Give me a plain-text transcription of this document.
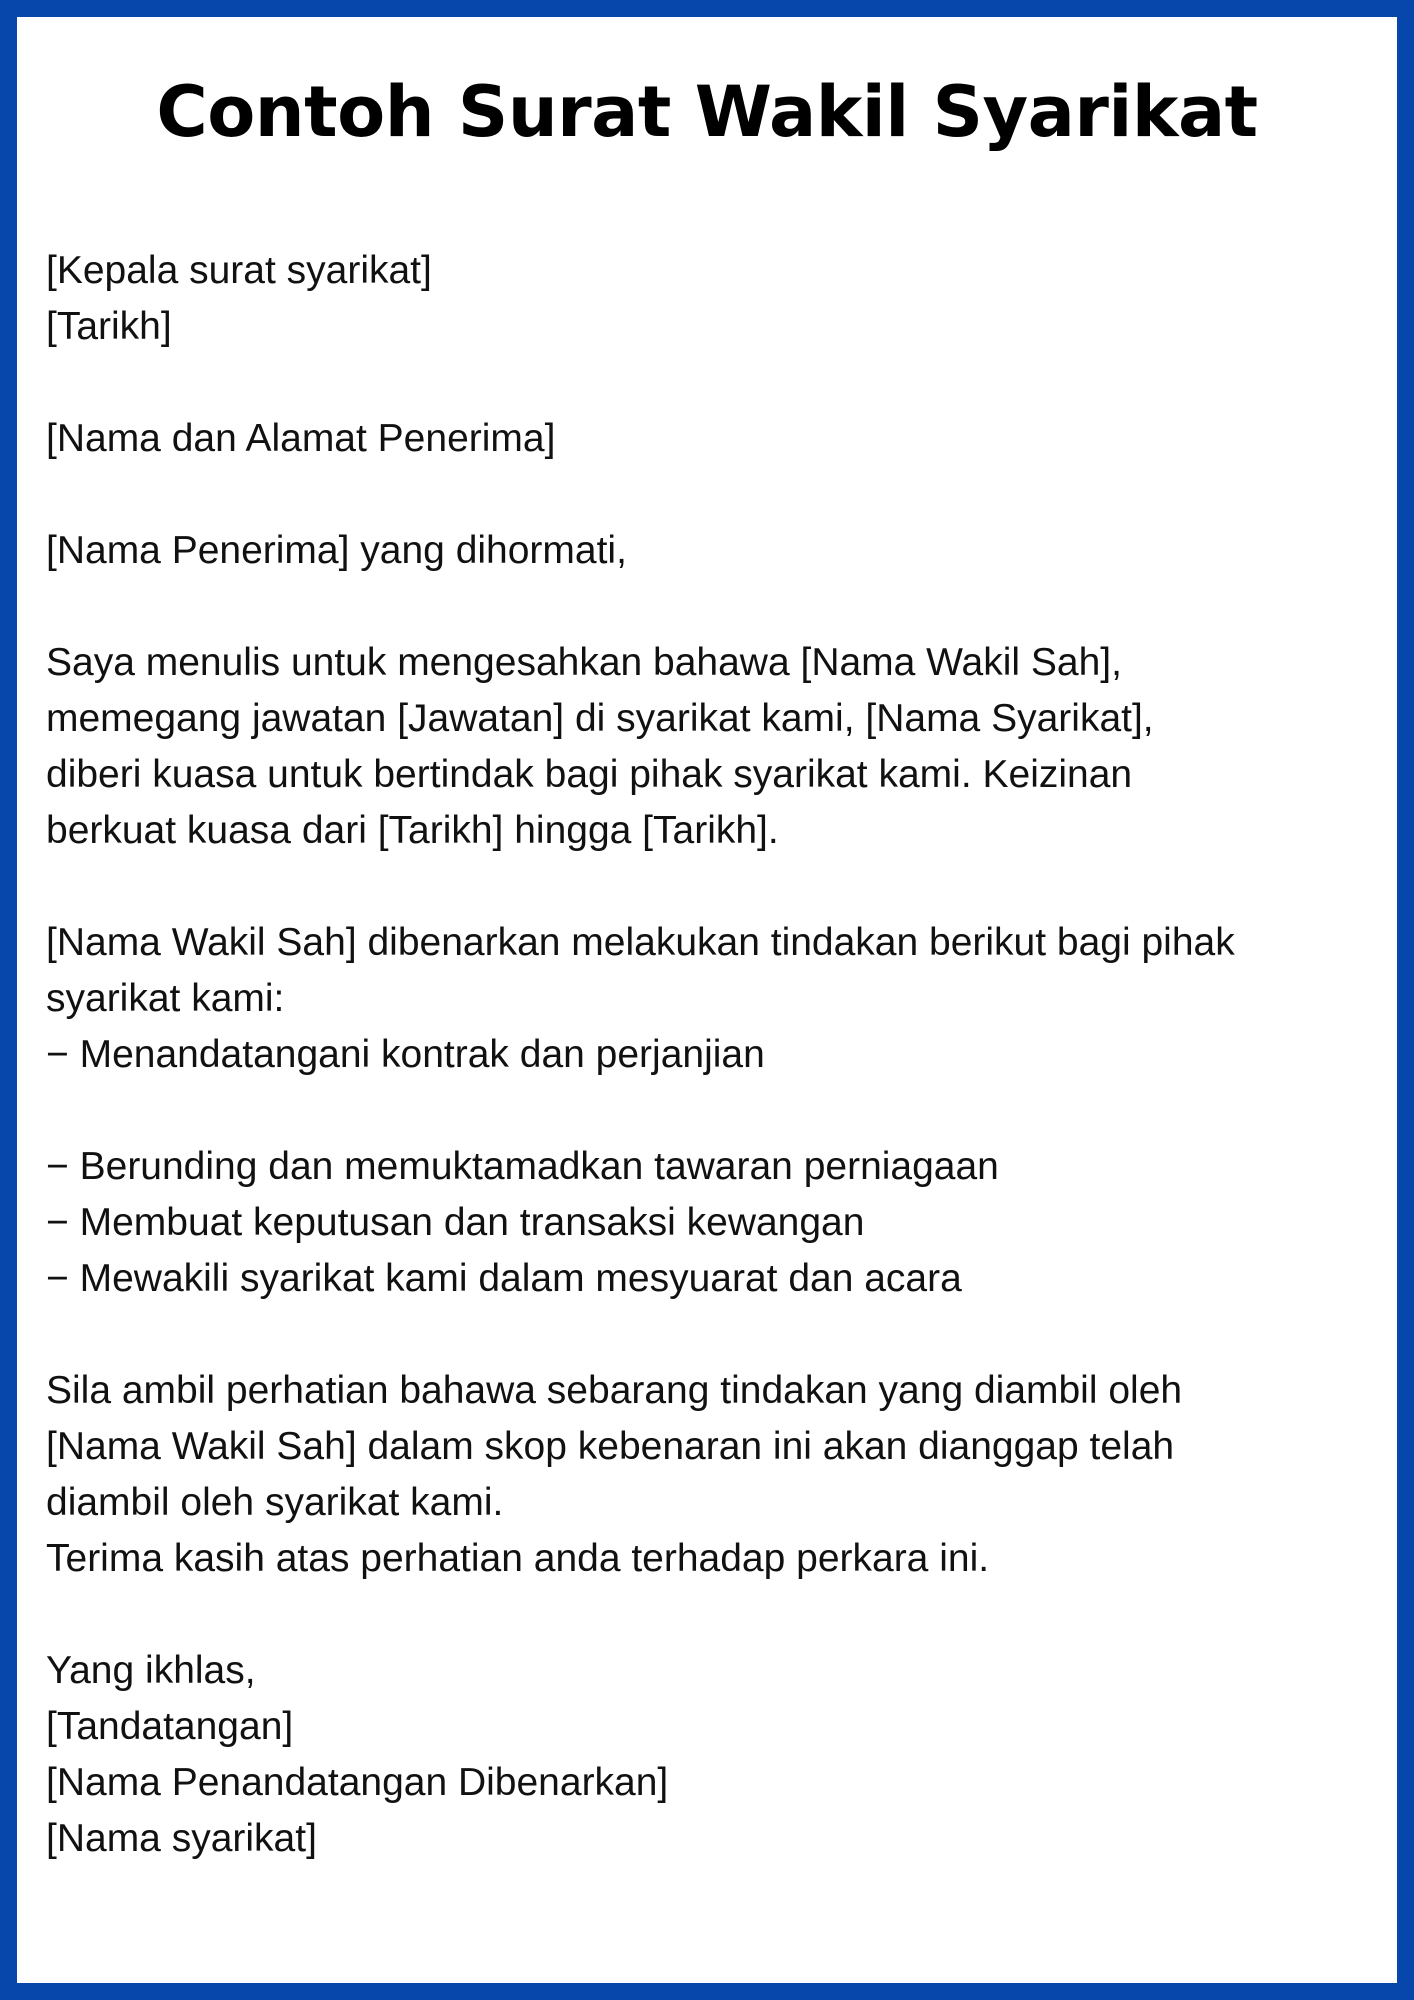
Contoh Surat Wakil Syarikat
[Kepala surat syarikat]
[Tarikh]
[Nama dan Alamat Penerima]
[Nama Penerima] yang dihormati,
Saya menulis untuk mengesahkan bahawa [Nama Wakil Sah],
memegang jawatan [Jawatan] di syarikat kami, [Nama Syarikat],
diberi kuasa untuk bertindak bagi pihak syarikat kami. Keizinan
berkuat kuasa dari [Tarikh] hingga [Tarikh].
[Nama Wakil Sah] dibenarkan melakukan tindakan berikut bagi pihak
syarikat kami:
− Menandatangani kontrak dan perjanjian
− Berunding dan memuktamadkan tawaran perniagaan
− Membuat keputusan dan transaksi kewangan
− Mewakili syarikat kami dalam mesyuarat dan acara
Sila ambil perhatian bahawa sebarang tindakan yang diambil oleh
[Nama Wakil Sah] dalam skop kebenaran ini akan dianggap telah
diambil oleh syarikat kami.
Terima kasih atas perhatian anda terhadap perkara ini.
Yang ikhlas,
[Tandatangan]
[Nama Penandatangan Dibenarkan]
[Nama syarikat]
